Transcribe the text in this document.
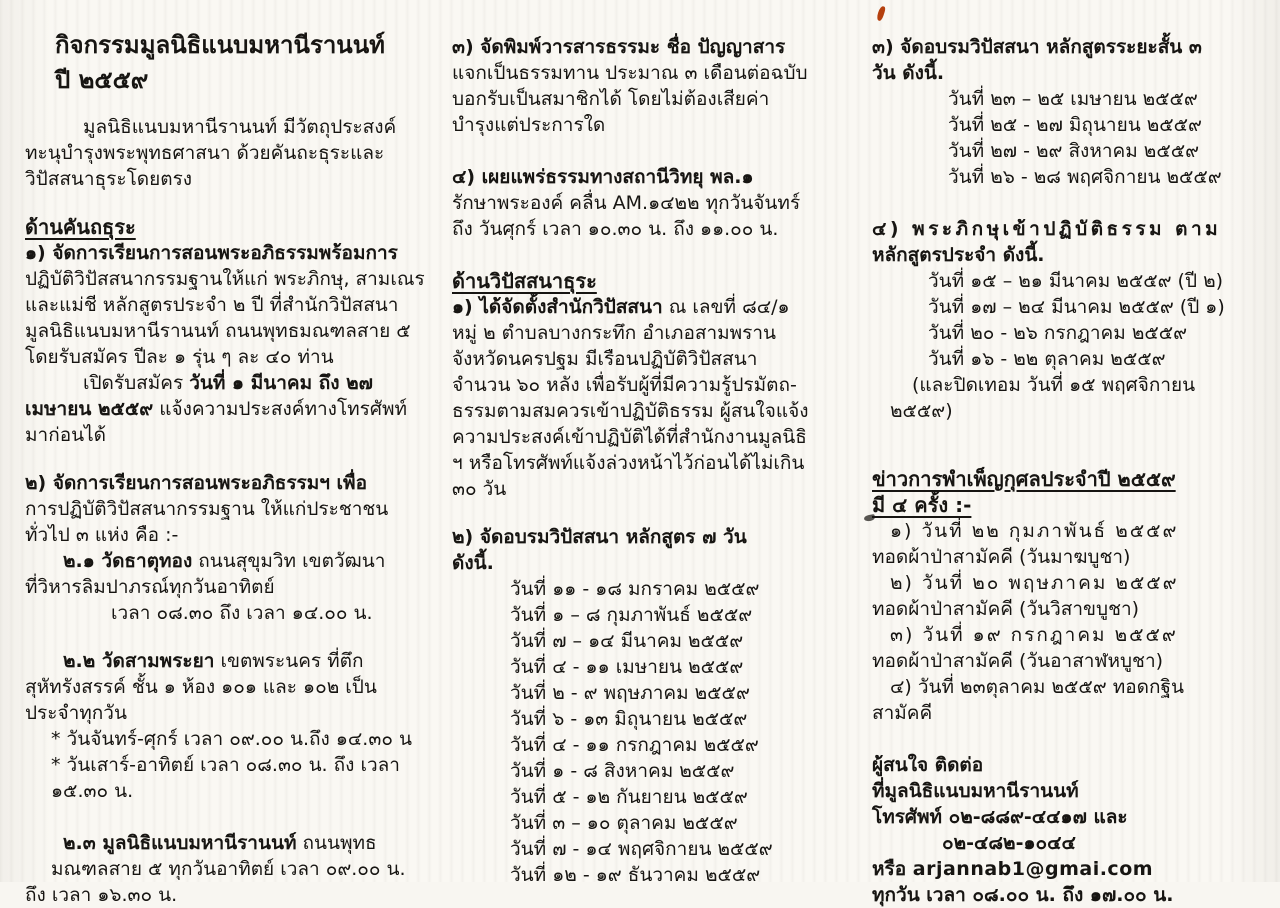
กิจกรรมมูลนิธิแนบมหานีรานนท์
ปี ๒๕๕๙
มูลนิธิแนบมหานีรานนท์ มีวัตถุประสงค์
ทะนุบำรุงพระพุทธศาสนา ด้วยคันถะธุระและ
วิปัสสนาธุระโดยตรง
ด้านคันถธุระ
๑) จัดการเรียนการสอนพระอภิธรรมพร้อมการ
ปฏิบัติวิปัสสนากรรมฐานให้แก่ พระภิกษุ, สามเณร
และแม่ชี หลักสูตรประจำ ๒ ปี ที่สำนักวิปัสสนา
มูลนิธิแนบมหานีรานนท์ ถนนพุทธมณฑลสาย ๕
โดยรับสมัคร ปีละ ๑ รุ่น ๆ ละ ๔๐ ท่าน
เปิดรับสมัคร วันที่ ๑ มีนาคม ถึง ๒๗
เมษายน ๒๕๕๙ แจ้งความประสงค์ทางโทรศัพท์
มาก่อนได้
๒) จัดการเรียนการสอนพระอภิธรรมฯ เพื่อ
การปฏิบัติวิปัสสนากรรมฐาน ให้แก่ประชาชน
ทั่วไป ๓ แห่ง คือ :-
๒.๑ วัดธาตุทอง ถนนสุขุมวิท เขตวัฒนา
ที่วิหารลิมปาภรณ์ทุกวันอาทิตย์
เวลา ๐๘.๓๐ ถึง เวลา ๑๔.๐๐ น.
๒.๒ วัดสามพระยา เขตพระนคร ที่ตึก
สุหัทรังสรรค์ ชั้น ๑ ห้อง ๑๐๑ และ ๑๐๒ เป็น
ประจำทุกวัน
* วันจันทร์-ศุกร์ เวลา ๐๙.๐๐ น.ถึง ๑๔.๓๐ น
* วันเสาร์-อาทิตย์ เวลา ๐๘.๓๐ น. ถึง เวลา
๑๕.๓๐ น.
๒.๓ มูลนิธิแนบมหานีรานนท์ ถนนพุทธ
มณฑลสาย ๕ ทุกวันอาทิตย์ เวลา ๐๙.๐๐ น.
ถึง เวลา ๑๖.๓๐ น.
๓) จัดพิมพ์วารสารธรรมะ ชื่อ ปัญญาสาร
แจกเป็นธรรมทาน ประมาณ ๓ เดือนต่อฉบับ
บอกรับเป็นสมาชิกได้ โดยไม่ต้องเสียค่า
บำรุงแต่ประการใด
๔) เผยแพร่ธรรมทางสถานีวิทยุ พล.๑
รักษาพระองค์ คลื่น AM.๑๔๒๒ ทุกวันจันทร์
ถึง วันศุกร์ เวลา ๑๐.๓๐ น. ถึง ๑๑.๐๐ น.
ด้านวิปัสสนาธุระ
๑) ได้จัดตั้งสำนักวิปัสสนา ณ เลขที่ ๘๔/๑
หมู่ ๒ ตำบลบางกระทึก อำเภอสามพราน
จังหวัดนครปฐม มีเรือนปฏิบัติวิปัสสนา
จำนวน ๖๐ หลัง เพื่อรับผู้ที่มีความรู้ปรมัตถ-
ธรรมตามสมควรเข้าปฏิบัติธรรม ผู้สนใจแจ้ง
ความประสงค์เข้าปฏิบัติได้ที่สำนักงานมูลนิธิ
ฯ หรือโทรศัพท์แจ้งล่วงหน้าไว้ก่อนได้ไม่เกิน
๓๐ วัน
๒) จัดอบรมวิปัสสนา หลักสูตร ๗ วัน
ดังนี้.
วันที่ ๑๑ - ๑๘ มกราคม ๒๕๕๙
วันที่ ๑ – ๘ กุมภาพันธ์ ๒๕๕๙
วันที่ ๗ – ๑๔ มีนาคม ๒๕๕๙
วันที่ ๔ - ๑๑ เมษายน ๒๕๕๙
วันที่ ๒ - ๙ พฤษภาคม ๒๕๕๙
วันที่ ๖ - ๑๓ มิถุนายน ๒๕๕๙
วันที่ ๔ - ๑๑ กรกฎาคม ๒๕๕๙
วันที่ ๑ - ๘ สิงหาคม ๒๕๕๙
วันที่ ๕ - ๑๒ กันยายน ๒๕๕๙
วันที่ ๓ – ๑๐ ตุลาคม ๒๕๕๙
วันที่ ๗ - ๑๔ พฤศจิกายน ๒๕๕๙
วันที่ ๑๒ - ๑๙ ธันวาคม ๒๕๕๙
๓) จัดอบรมวิปัสสนา หลักสูตรระยะสั้น ๓
วัน ดังนี้.
วันที่ ๒๓ – ๒๕ เมษายน ๒๕๕๙
วันที่ ๒๕ - ๒๗ มิถุนายน ๒๕๕๙
วันที่ ๒๗ - ๒๙ สิงหาคม ๒๕๕๙
วันที่ ๒๖ - ๒๘ พฤศจิกายน ๒๕๕๙
๔) พระภิกษุเข้าปฏิบัติธรรม ตาม
หลักสูตรประจำ ดังนี้.
วันที่ ๑๕ – ๒๑ มีนาคม ๒๕๕๙ (ปี ๒)
วันที่ ๑๗ – ๒๔ มีนาคม ๒๕๕๙ (ปี ๑)
วันที่ ๒๐ - ๒๖ กรกฎาคม ๒๕๕๙
วันที่ ๑๖ - ๒๒ ตุลาคม ๒๕๕๙
(และปิดเทอม วันที่ ๑๕ พฤศจิกายน
๒๕๕๙)
ข่าวการพำเพ็ญกุศลประจำปี ๒๕๕๙
มี ๔ ครั้ง :-
๑) วันที่ ๒๒ กุมภาพันธ์ ๒๕๕๙
ทอดผ้าป่าสามัคคี (วันมาฆบูชา)
๒) วันที่ ๒๐ พฤษภาคม ๒๕๕๙
ทอดผ้าป่าสามัคคี (วันวิสาขบูชา)
๓) วันที่ ๑๙ กรกฎาคม ๒๕๕๙
ทอดผ้าป่าสามัคคี (วันอาสาฬหบูชา)
๔) วันที่ ๒๓ตุลาคม ๒๕๕๙ ทอดกฐิน
สามัคคี
ผู้สนใจ ติดต่อ
ที่มูลนิธิแนบมหานีรานนท์
โทรศัพท์ ๐๒-๘๘๙-๔๔๑๗ และ
๐๒-๔๘๒-๑๐๔๔
หรือ arjannab1@gmai.com
ทุกวัน เวลา ๐๘.๐๐ น. ถึง ๑๗.๐๐ น.
